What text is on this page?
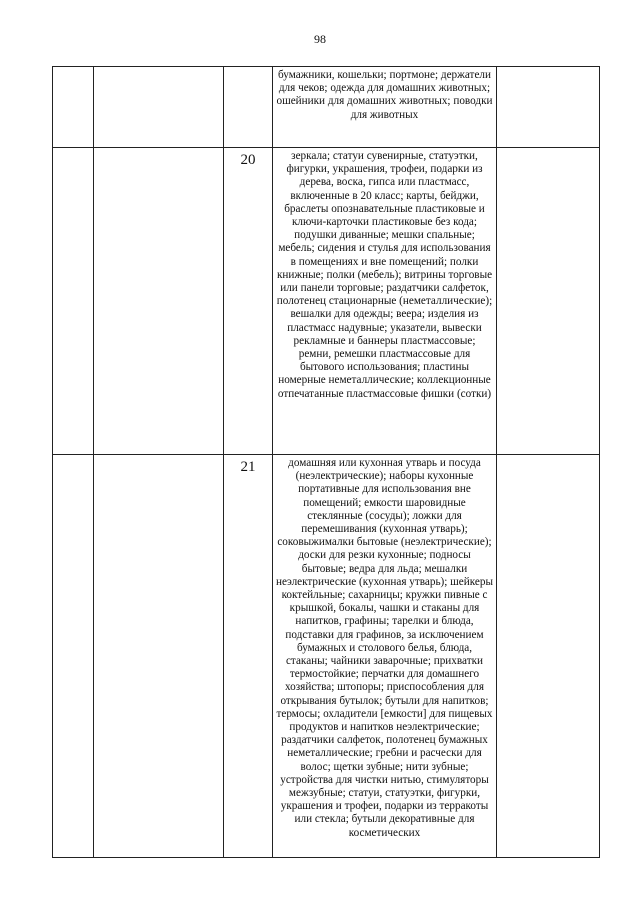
98
			бумажники, кошельки; портмоне; держатели для чеков; одежда для домашних животных; ошейники для домашних животных; поводки для животных	
		20	зеркала; статуи сувенирные, статуэтки, фигурки, украшения, трофеи, подарки из дерева, воска, гипса или пластмасс, включенные в 20 класс; карты, бейджи, браслеты опознавательные пластиковые и ключи-карточки пластиковые без кода; подушки диванные; мешки спальные; мебель; сидения и стулья для использования в помещениях и вне помещений; полки книжные; полки (мебель); витрины торговые или панели торговые; раздатчики салфеток, полотенец стационарные (неметаллические); вешалки для одежды; веера; изделия из пластмасс надувные; указатели, вывески рекламные и баннеры пластмассовые; ремни, ремешки пластмассовые для бытового использования; пластины номерные неметаллические; коллекционные отпечатанные пластмассовые фишки (сотки)	
		21	домашняя или кухонная утварь и посуда (неэлектрические); наборы кухонные портативные для использования вне помещений; емкости шаровидные стеклянные (сосуды); ложки для перемешивания (кухонная утварь); соковыжималки бытовые (неэлектрические); доски для резки кухонные; подносы бытовые; ведра для льда; мешалки неэлектрические (кухонная утварь); шейкеры коктейльные; сахарницы; кружки пивные с крышкой, бокалы, чашки и стаканы для напитков, графины; тарелки и блюда, подставки для графинов, за исключением бумажных и столового белья, блюда, стаканы; чайники заварочные; прихватки термостойкие; перчатки для домашнего хозяйства; штопоры; приспособления для открывания бутылок; бутыли для напитков; термосы; охладители [емкости] для пищевых продуктов и напитков неэлектрические; раздатчики салфеток, полотенец бумажных неметаллические; гребни и расчески для волос; щетки зубные; нити зубные; устройства для чистки нитью, стимуляторы межзубные; статуи, статуэтки, фигурки, украшения и трофеи, подарки из терракоты или стекла; бутыли декоративные для косметических	
